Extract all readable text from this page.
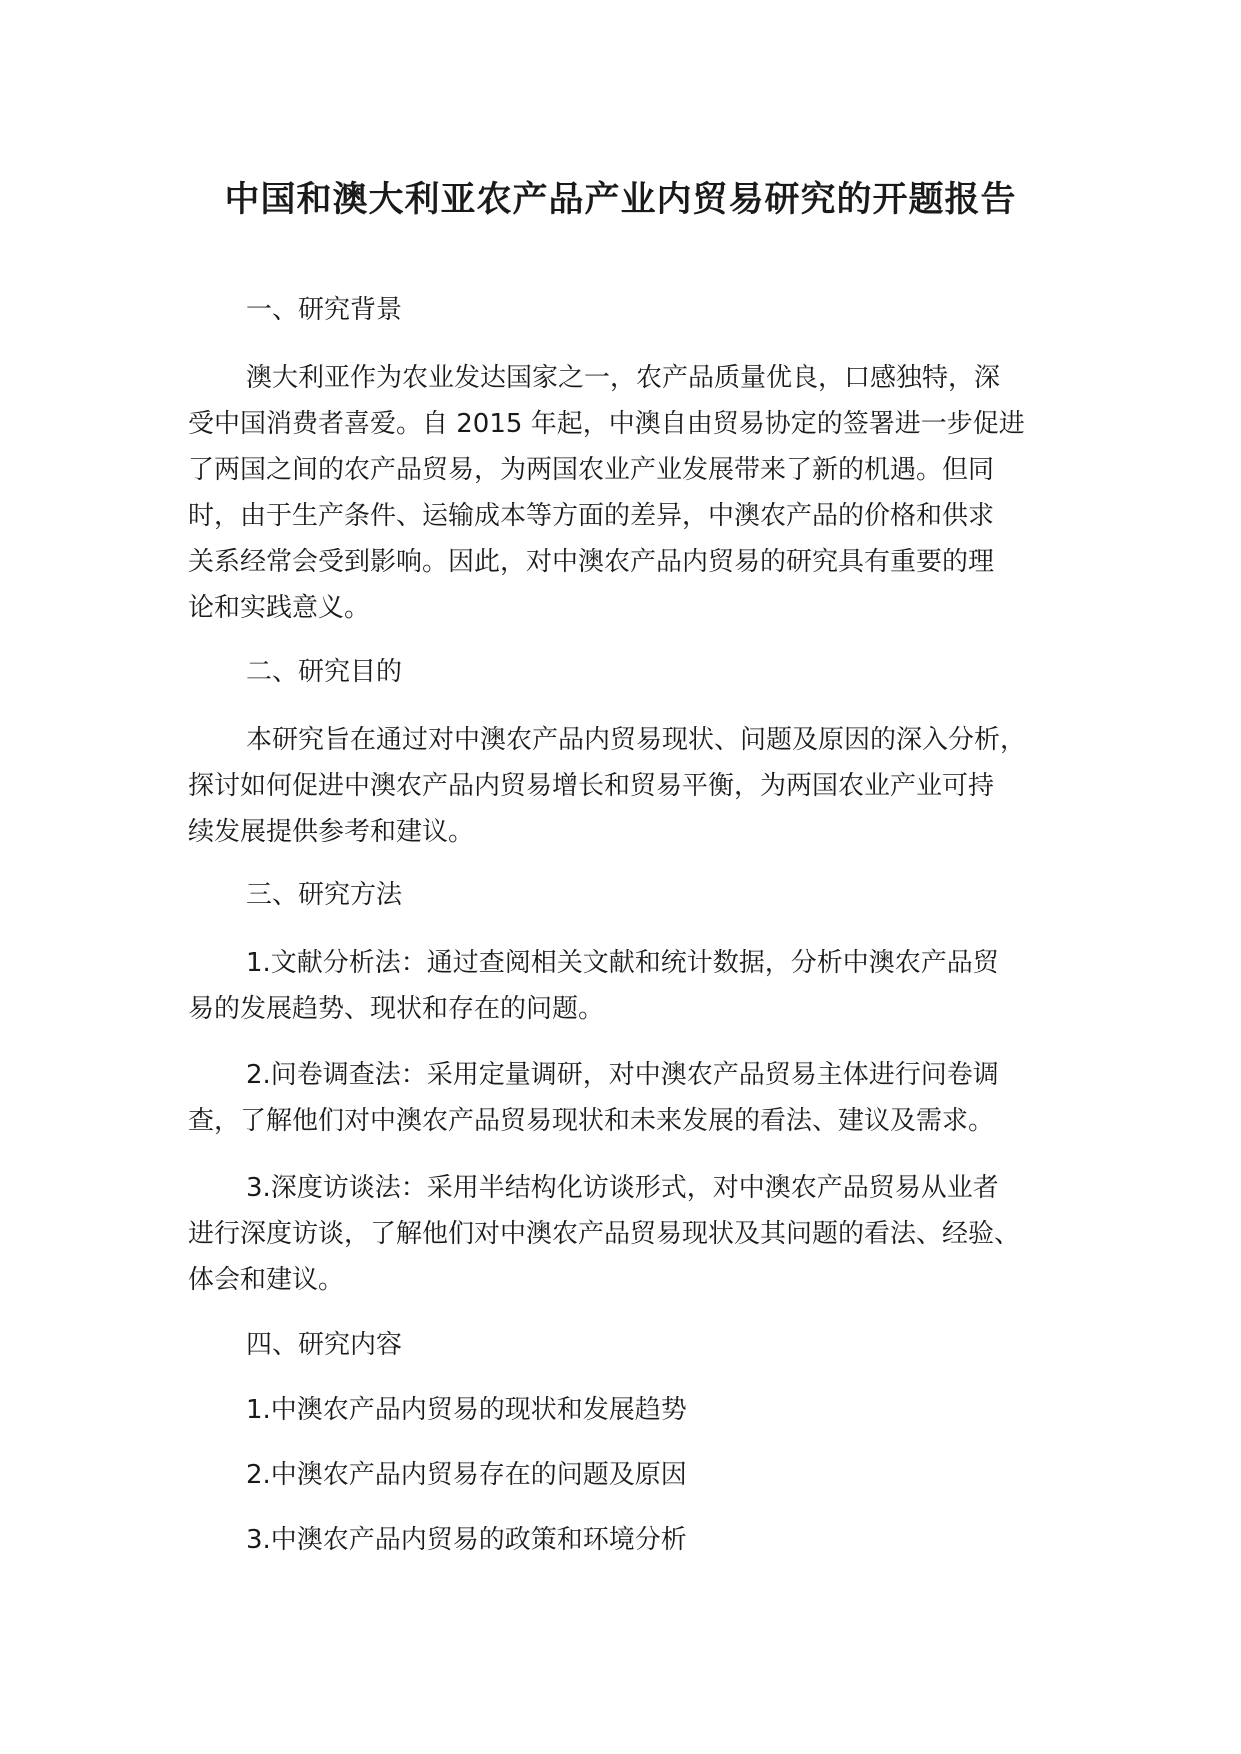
中国和澳大利亚农产品产业内贸易研究的开题报告
一、研究背景
澳大利亚作为农业发达国家之一，农产品质量优良，口感独特，深
受中国消费者喜爱。自 2015 年起，中澳自由贸易协定的签署进一步促进
了两国之间的农产品贸易，为两国农业产业发展带来了新的机遇。但同
时，由于生产条件、运输成本等方面的差异，中澳农产品的价格和供求
关系经常会受到影响。因此，对中澳农产品内贸易的研究具有重要的理
论和实践意义。
二、研究目的
本研究旨在通过对中澳农产品内贸易现状、问题及原因的深入分析，
探讨如何促进中澳农产品内贸易增长和贸易平衡，为两国农业产业可持
续发展提供参考和建议。
三、研究方法
1.文献分析法：通过查阅相关文献和统计数据，分析中澳农产品贸
易的发展趋势、现状和存在的问题。
2.问卷调查法：采用定量调研，对中澳农产品贸易主体进行问卷调
查，了解他们对中澳农产品贸易现状和未来发展的看法、建议及需求。
3.深度访谈法：采用半结构化访谈形式，对中澳农产品贸易从业者
进行深度访谈，了解他们对中澳农产品贸易现状及其问题的看法、经验、
体会和建议。
四、研究内容
1.中澳农产品内贸易的现状和发展趋势
2.中澳农产品内贸易存在的问题及原因
3.中澳农产品内贸易的政策和环境分析
